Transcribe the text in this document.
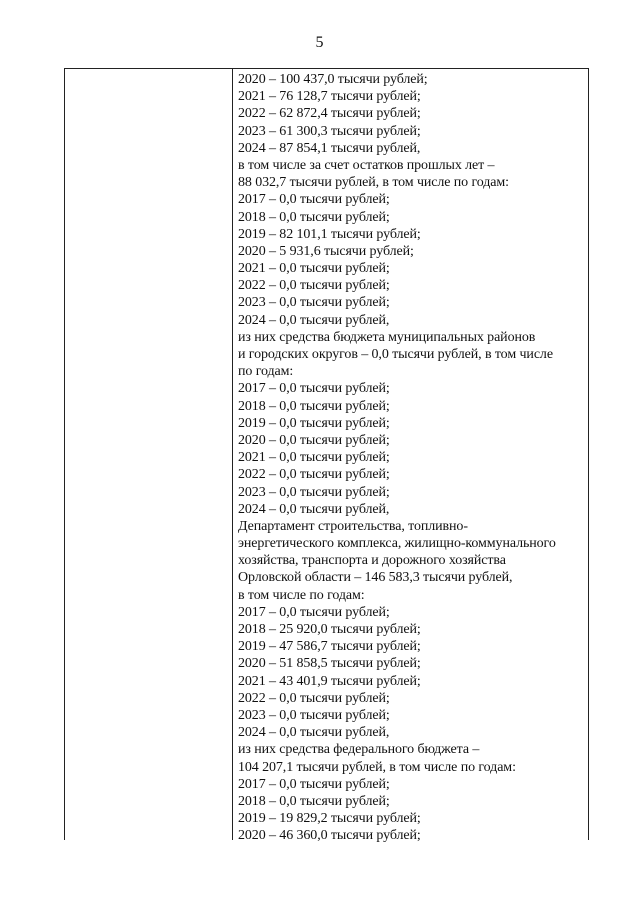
5
2020 – 100 437,0 тысячи рублей;
2021 – 76 128,7 тысячи рублей;
2022 – 62 872,4 тысячи рублей;
2023 – 61 300,3 тысячи рублей;
2024 – 87 854,1 тысячи рублей,
в том числе за счет остатков прошлых лет –
88 032,7 тысячи рублей, в том числе по годам:
2017 – 0,0 тысячи рублей;
2018 – 0,0 тысячи рублей;
2019 – 82 101,1 тысячи рублей;
2020 – 5 931,6 тысячи рублей;
2021 – 0,0 тысячи рублей;
2022 – 0,0 тысячи рублей;
2023 – 0,0 тысячи рублей;
2024 – 0,0 тысячи рублей,
из них средства бюджета муниципальных районов
и городских округов – 0,0 тысячи рублей, в том числе
по годам:
2017 – 0,0 тысячи рублей;
2018 – 0,0 тысячи рублей;
2019 – 0,0 тысячи рублей;
2020 – 0,0 тысячи рублей;
2021 – 0,0 тысячи рублей;
2022 – 0,0 тысячи рублей;
2023 – 0,0 тысячи рублей;
2024 – 0,0 тысячи рублей,
Департамент строительства, топливно-
энергетического комплекса, жилищно-коммунального
хозяйства, транспорта и дорожного хозяйства
Орловской области – 146 583,3 тысячи рублей,
в том числе по годам:
2017 – 0,0 тысячи рублей;
2018 – 25 920,0 тысячи рублей;
2019 – 47 586,7 тысячи рублей;
2020 – 51 858,5 тысячи рублей;
2021 – 43 401,9 тысячи рублей;
2022 – 0,0 тысячи рублей;
2023 – 0,0 тысячи рублей;
2024 – 0,0 тысячи рублей,
из них средства федерального бюджета –
104 207,1 тысячи рублей, в том числе по годам:
2017 – 0,0 тысячи рублей;
2018 – 0,0 тысячи рублей;
2019 – 19 829,2 тысячи рублей;
2020 – 46 360,0 тысячи рублей;
